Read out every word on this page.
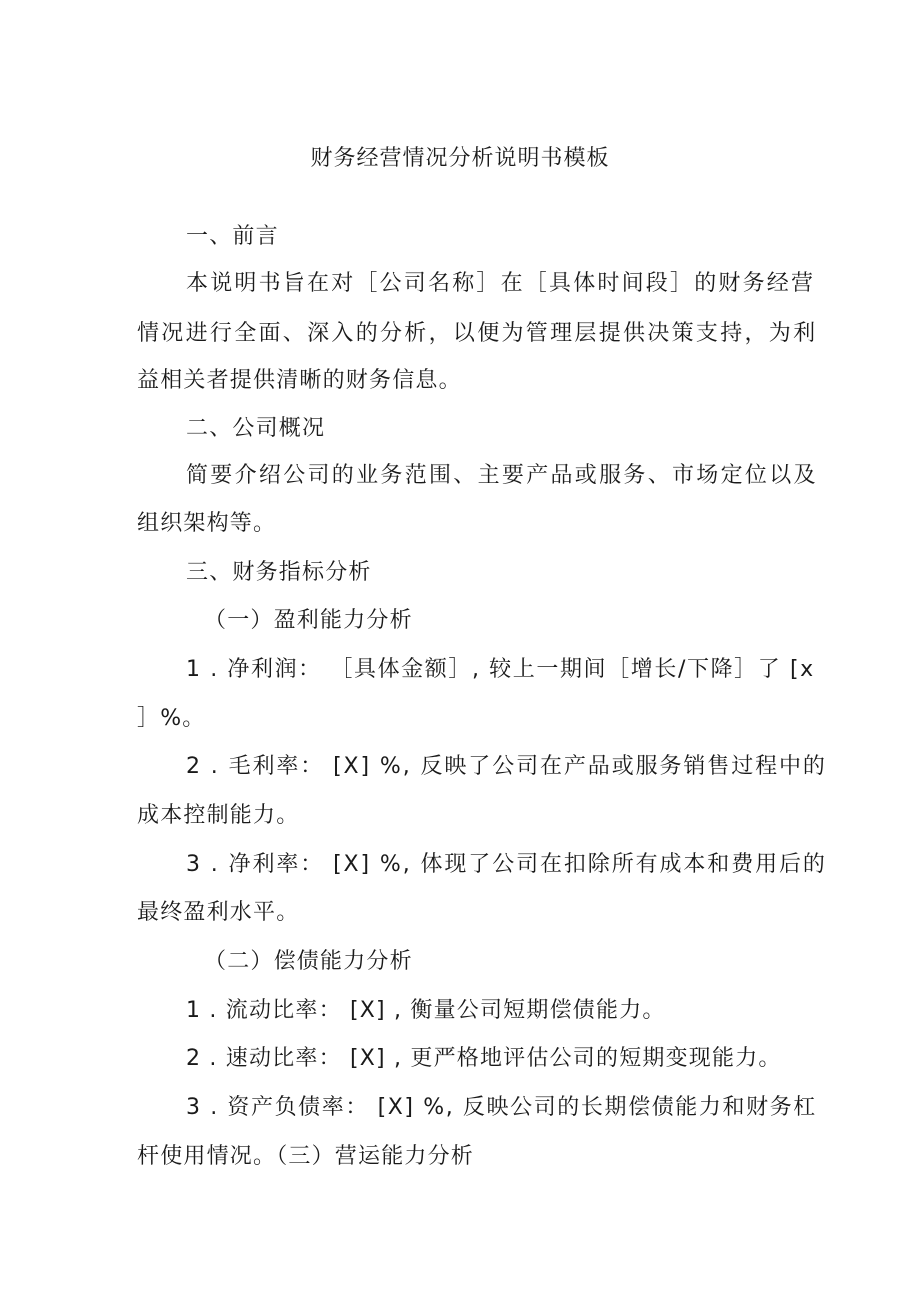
财务经营情况分析说明书模板
一、前言
本说明书旨在对［公司名称］在［具体时间段］的财务经营
情况进行全面、深入的分析，以便为管理层提供决策支持，为利
益相关者提供清晰的财务信息。
二、公司概况
简要介绍公司的业务范围、主要产品或服务、市场定位以及
组织架构等。
三、财务指标分析
（一）盈利能力分析
1 . 净利润： ［具体金额］, 较上一期间［增长/下降］了 [x
］%。
2 . 毛利率： [X] %, 反映了公司在产品或服务销售过程中的
成本控制能力。
3 . 净利率： [X] %, 体现了公司在扣除所有成本和费用后的
最终盈利水平。
（二）偿债能力分析
1 . 流动比率： [X] , 衡量公司短期偿债能力。
2 . 速动比率： [X] , 更严格地评估公司的短期变现能力。
3 . 资产负债率： [X] %, 反映公司的长期偿债能力和财务杠
杆使用情况。（三）营运能力分析
